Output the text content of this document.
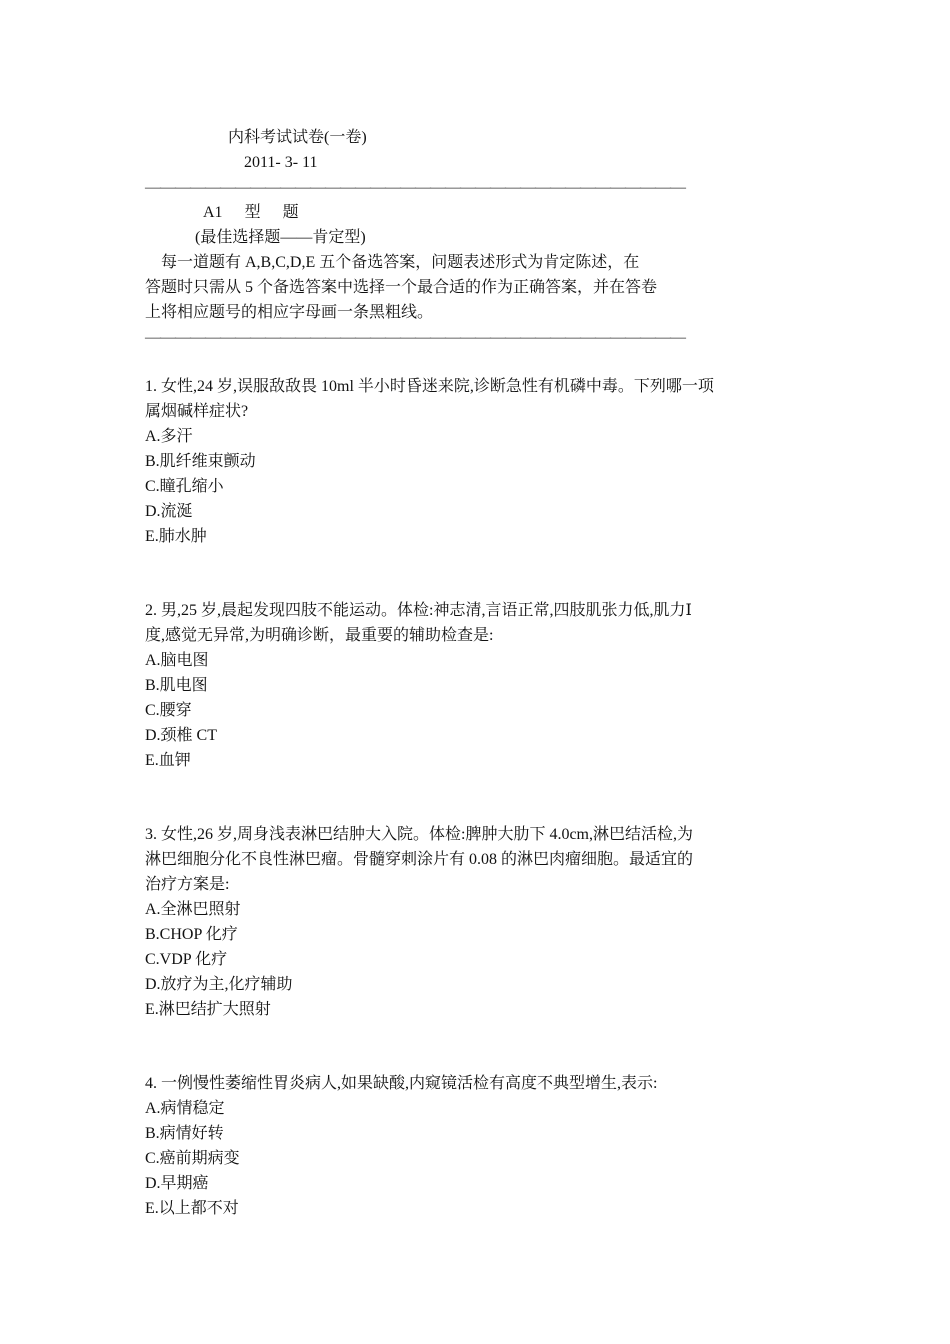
内科考试试卷(一卷)
2011- 3- 11
————————————————————————————————————
A1 型 题
(最佳选择题——肯定型)
每一道题有 A,B,C,D,E 五个备选答案，问题表述形式为肯定陈述，在
答题时只需从 5 个备选答案中选择一个最合适的作为正确答案，并在答卷
上将相应题号的相应字母画一条黑粗线。
————————————————————————————————————
1. 女性,24 岁,误服敌敌畏 10ml 半小时昏迷来院,诊断急性有机磷中毒。下列哪一项
属烟碱样症状?
A.多汗
B.肌纤维束颤动
C.瞳孔缩小
D.流涎
E.肺水肿
2. 男,25 岁,晨起发现四肢不能运动。体检:神志清,言语正常,四肢肌张力低,肌力Ⅰ
度,感觉无异常,为明确诊断，最重要的辅助检查是:
A.脑电图
B.肌电图
C.腰穿
D.颈椎 CT
E.血钾
3. 女性,26 岁,周身浅表淋巴结肿大入院。体检:脾肿大肋下 4.0cm,淋巴结活检,为
淋巴细胞分化不良性淋巴瘤。骨髓穿刺涂片有 0.08 的淋巴肉瘤细胞。最适宜的
治疗方案是:
A.全淋巴照射
B.CHOP 化疗
C.VDP 化疗
D.放疗为主,化疗辅助
E.淋巴结扩大照射
4. 一例慢性萎缩性胃炎病人,如果缺酸,内窥镜活检有高度不典型增生,表示:
A.病情稳定
B.病情好转
C.癌前期病变
D.早期癌
E.以上都不对
